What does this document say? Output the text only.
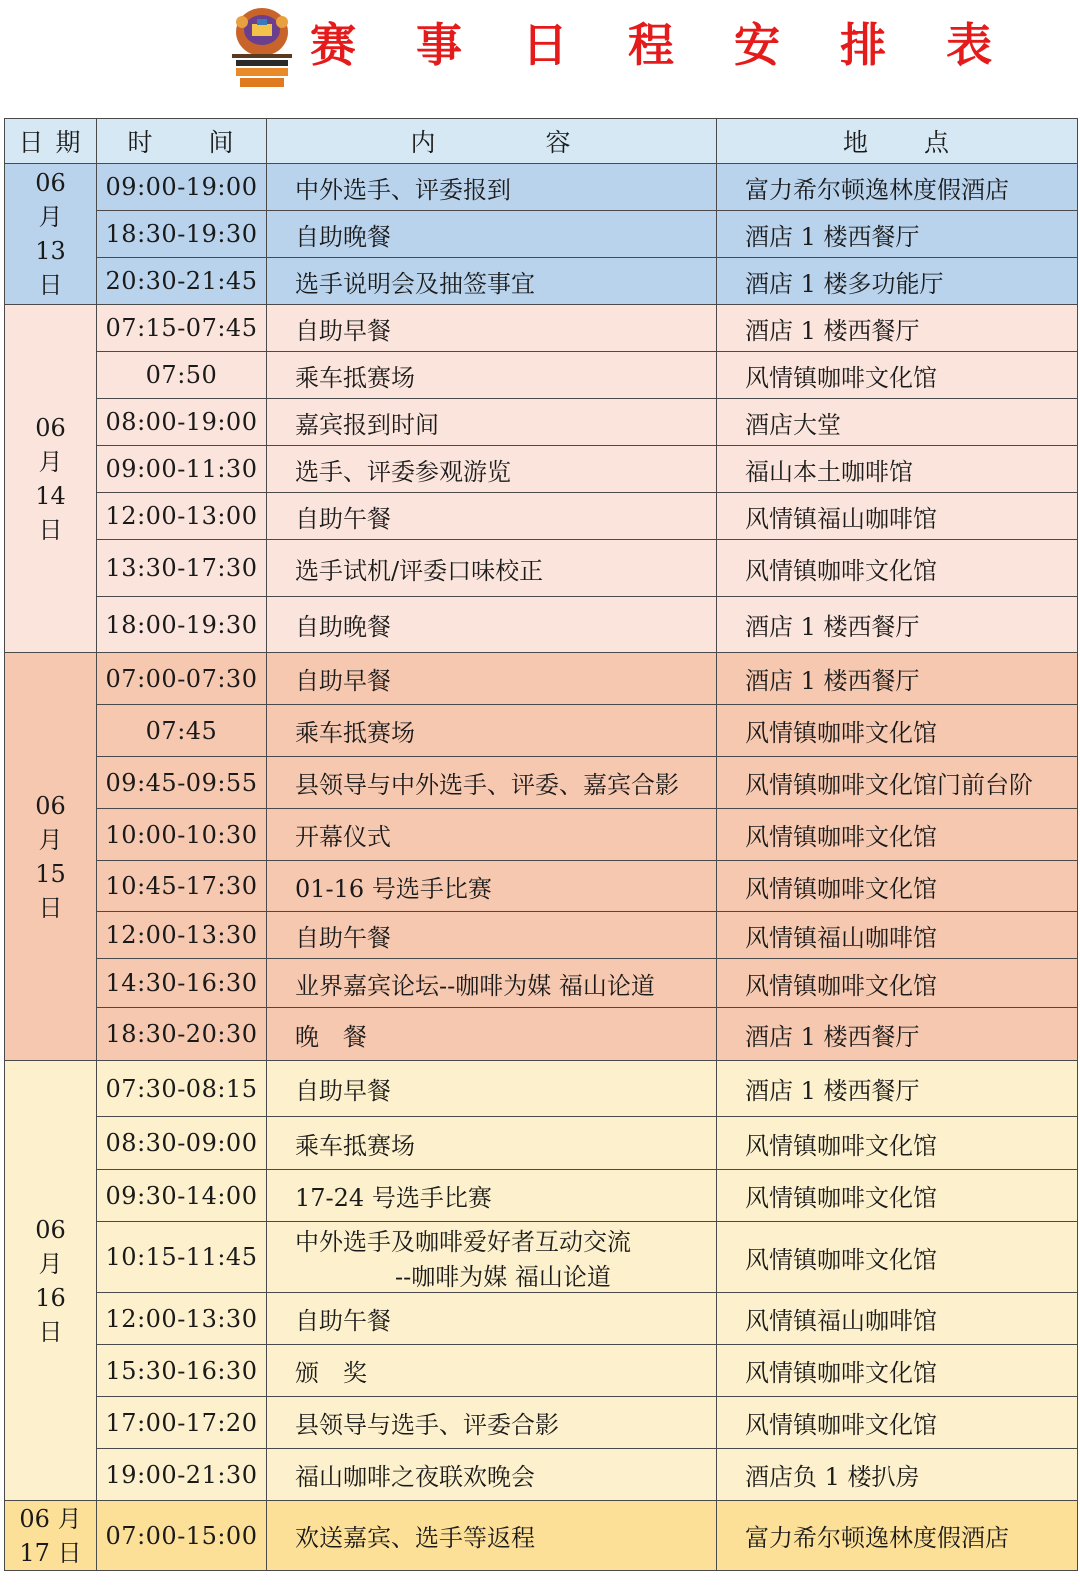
赛 事 日 程 安 排 表
日 期	时　　间	内　　　　容	地　　点

06
月
13
日	09:00-19:00	中外选手、评委报到	富力希尔顿逸林度假酒店
	18:30-19:30	自助晚餐	酒店 1 楼西餐厅
	20:30-21:45	选手说明会及抽签事宜	酒店 1 楼多功能厅

06
月
14
日	07:15-07:45	自助早餐	酒店 1 楼西餐厅
	07:50	乘车抵赛场	风情镇咖啡文化馆
	08:00-19:00	嘉宾报到时间	酒店大堂
	09:00-11:30	选手、评委参观游览	福山本土咖啡馆
	12:00-13:00	自助午餐	风情镇福山咖啡馆
	13:30-17:30	选手试机/评委口味校正	风情镇咖啡文化馆
	18:00-19:30	自助晚餐	酒店 1 楼西餐厅

06
月
15
日	07:00-07:30	自助早餐	酒店 1 楼西餐厅
	07:45	乘车抵赛场	风情镇咖啡文化馆
	09:45-09:55	县领导与中外选手、评委、嘉宾合影	风情镇咖啡文化馆门前台阶
	10:00-10:30	开幕仪式	风情镇咖啡文化馆
	10:45-17:30	01-16 号选手比赛	风情镇咖啡文化馆
	12:00-13:30	自助午餐	风情镇福山咖啡馆
	14:30-16:30	业界嘉宾论坛--咖啡为媒 福山论道	风情镇咖啡文化馆
	18:30-20:30	晚　餐	酒店 1 楼西餐厅

06
月
16
日	07:30-08:15	自助早餐	酒店 1 楼西餐厅
	08:30-09:00	乘车抵赛场	风情镇咖啡文化馆
	09:30-14:00	17-24 号选手比赛	风情镇咖啡文化馆
	10:15-11:45	中外选手及咖啡爱好者互动交流
--咖啡为媒 福山论道	风情镇咖啡文化馆
	12:00-13:30	自助午餐	风情镇福山咖啡馆
	15:30-16:30	颁　奖	风情镇咖啡文化馆
	17:00-17:20	县领导与选手、评委合影	风情镇咖啡文化馆
	19:00-21:30	福山咖啡之夜联欢晚会	酒店负 1 楼扒房

06 月
17 日	07:00-15:00	欢送嘉宾、选手等返程	富力希尔顿逸林度假酒店
